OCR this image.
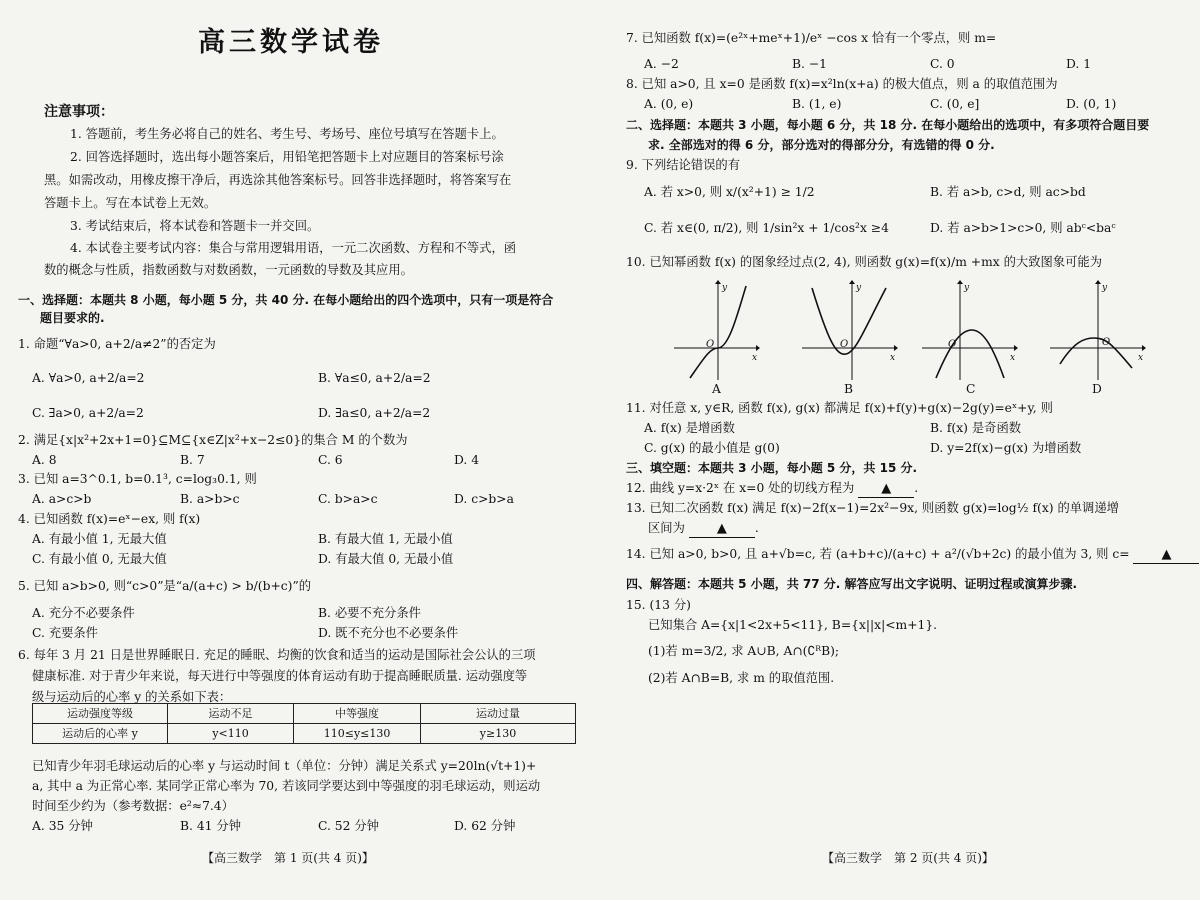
高三数学试卷
注意事项：
1. 答题前，考生务必将自己的姓名、考生号、考场号、座位号填写在答题卡上。
2. 回答选择题时，选出每小题答案后，用铅笔把答题卡上对应题目的答案标号涂
黑。如需改动，用橡皮擦干净后，再选涂其他答案标号。回答非选择题时，将答案写在
答题卡上。写在本试卷上无效。
3. 考试结束后，将本试卷和答题卡一并交回。
4. 本试卷主要考试内容：集合与常用逻辑用语，一元二次函数、方程和不等式，函
数的概念与性质，指数函数与对数函数，一元函数的导数及其应用。
一、选择题：本题共 8 小题，每小题 5 分，共 40 分. 在每小题给出的四个选项中，只有一项是符合
题目要求的.
1. 命题“∀a>0, a+2/a≠2”的否定为
A. ∀a>0, a+2/a=2	B. ∀a≤0, a+2/a=2
C. ∃a>0, a+2/a=2	D. ∃a≤0, a+2/a=2
2. 满足{x|x²+2x+1=0}⊆M⊆{x∈Z|x²+x−2≤0}的集合 M 的个数为
A. 8	B. 7	C. 6	D. 4
3. 已知 a=3^0.1, b=0.1³, c=log₃0.1, 则
A. a>c>b	B. a>b>c	C. b>a>c	D. c>b>a
4. 已知函数 f(x)=eˣ−ex, 则 f(x)
A. 有最小值 1, 无最大值	B. 有最大值 1, 无最小值
C. 有最小值 0, 无最大值	D. 有最大值 0, 无最小值
5. 已知 a>b>0, 则“c>0”是“a/(a+c) > b/(b+c)”的
A. 充分不必要条件	B. 必要不充分条件
C. 充要条件	D. 既不充分也不必要条件
6. 每年 3 月 21 日是世界睡眠日. 充足的睡眠、均衡的饮食和适当的运动是国际社会公认的三项
健康标准. 对于青少年来说，每天进行中等强度的体育运动有助于提高睡眠质量. 运动强度等
级与运动后的心率 y 的关系如下表：
运动强度等级	运动不足	中等强度	运动过量
运动后的心率 y	y<110	110≤y≤130	y≥130
已知青少年羽毛球运动后的心率 y 与运动时间 t（单位：分钟）满足关系式 y=20ln(√t+1)+
a, 其中 a 为正常心率. 某同学正常心率为 70, 若该同学要达到中等强度的羽毛球运动，则运动
时间至少约为（参考数据：e²≈7.4）
A. 35 分钟	B. 41 分钟	C. 52 分钟	D. 62 分钟
【高三数学　第 1 页(共 4 页)】
7. 已知函数 f(x)=(e²ˣ+meˣ+1)/eˣ −cos x 恰有一个零点，则 m=
A. −2	B. −1	C. 0	D. 1
8. 已知 a>0, 且 x=0 是函数 f(x)=x²ln(x+a) 的极大值点，则 a 的取值范围为
A. (0, e)	B. (1, e)	C. (0, e]	D. (0, 1)
二、选择题：本题共 3 小题，每小题 6 分，共 18 分. 在每小题给出的选项中，有多项符合题目要
求. 全部选对的得 6 分，部分选对的得部分分，有选错的得 0 分.
9. 下列结论错误的有
A. 若 x>0, 则 x/(x²+1) ≥ 1/2	B. 若 a>b, c>d, 则 ac>bd
C. 若 x∈(0, π/2), 则 1/sin²x + 1/cos²x ≥4	D. 若 a>b>1>c>0, 则 abᶜ<baᶜ
10. 已知幂函数 f(x) 的图象经过点(2, 4), 则函数 g(x)=f(x)/m +mx 的大致图象可能为
y
x
O
y
x
O
y
x
O
y
x
O
A	B	C	D
11. 对任意 x, y∈R, 函数 f(x), g(x) 都满足 f(x)+f(y)+g(x)−2g(y)=eˣ+y, 则
A. f(x) 是增函数	B. f(x) 是奇函数
C. g(x) 的最小值是 g(0)	D. y=2f(x)−g(x) 为增函数
三、填空题：本题共 3 小题，每小题 5 分，共 15 分.
12. 曲线 y=x·2ˣ 在 x=0 处的切线方程为 ▲ .
13. 已知二次函数 f(x) 满足 f(x)−2f(x−1)=2x²−9x, 则函数 g(x)=log½ f(x) 的单调递增
区间为 ▲ .
14. 已知 a>0, b>0, 且 a+√b=c, 若 (a+b+c)/(a+c) + a²/(√b+2c) 的最小值为 3, 则 c= ▲
四、解答题：本题共 5 小题，共 77 分. 解答应写出文字说明、证明过程或演算步骤.
15. (13 分)
已知集合 A={x|1<2x+5<11}, B={x||x|<m+1}.
(1)若 m=3/2, 求 A∪B, A∩(∁ᴿB);
(2)若 A∩B=B, 求 m 的取值范围.
【高三数学　第 2 页(共 4 页)】
